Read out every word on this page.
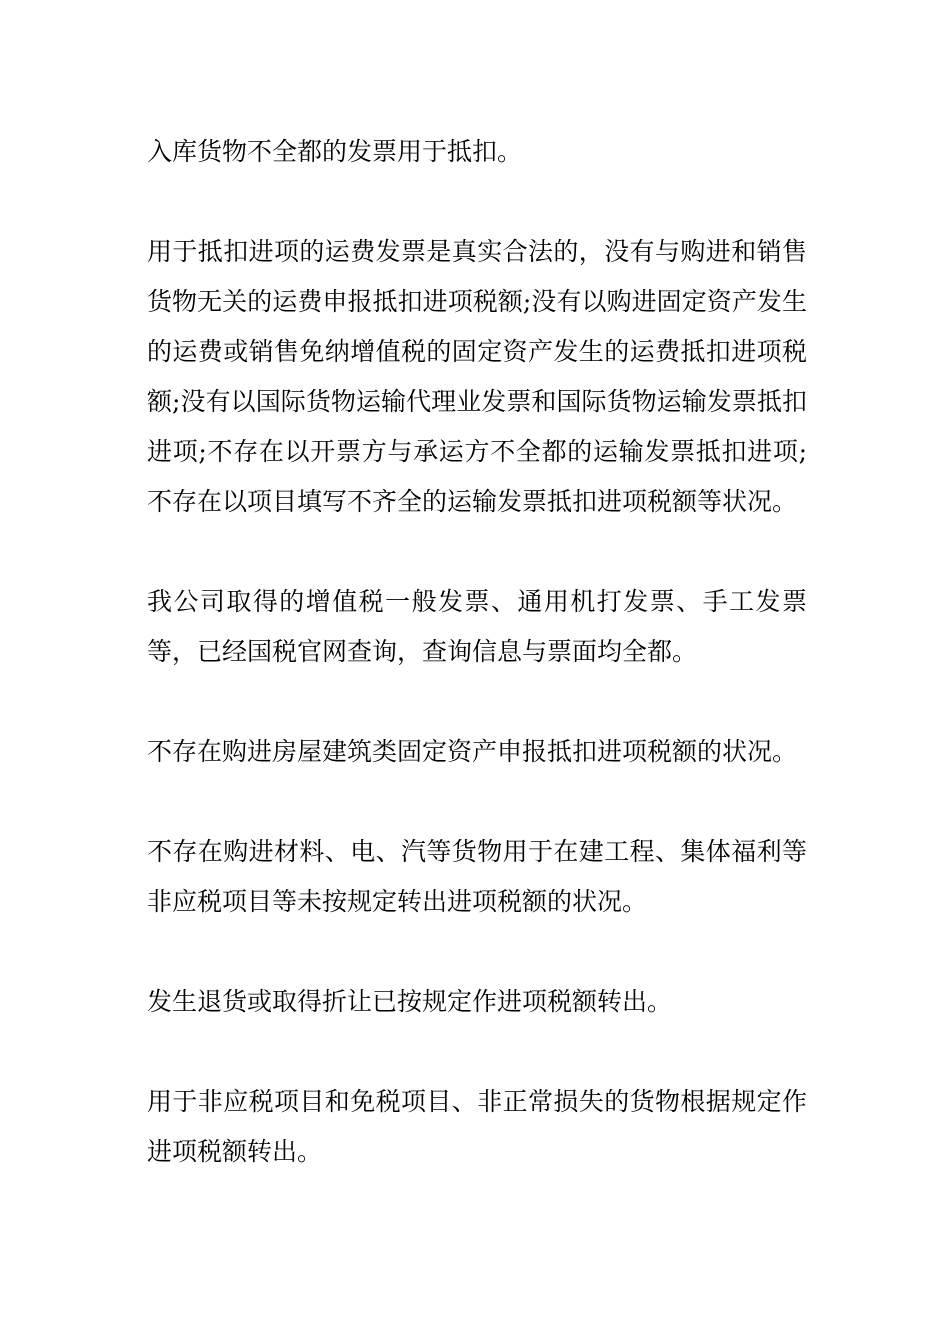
入库货物不全都的发票用于抵扣。

用于抵扣进项的运费发票是真实合法的，没有与购进和销售货物无关的运费申报抵扣进项税额;没有以购进固定资产发生的运费或销售免纳增值税的固定资产发生的运费抵扣进项税额;没有以国际货物运输代理业发票和国际货物运输发票抵扣进项;不存在以开票方与承运方不全都的运输发票抵扣进项;不存在以项目填写不齐全的运输发票抵扣进项税额等状况。

我公司取得的增值税一般发票、通用机打发票、手工发票等，已经国税官网查询，查询信息与票面均全都。

不存在购进房屋建筑类固定资产申报抵扣进项税额的状况。

不存在购进材料、电、汽等货物用于在建工程、集体福利等非应税项目等未按规定转出进项税额的状况。

发生退货或取得折让已按规定作进项税额转出。

用于非应税项目和免税项目、非正常损失的货物根据规定作进项税额转出。
